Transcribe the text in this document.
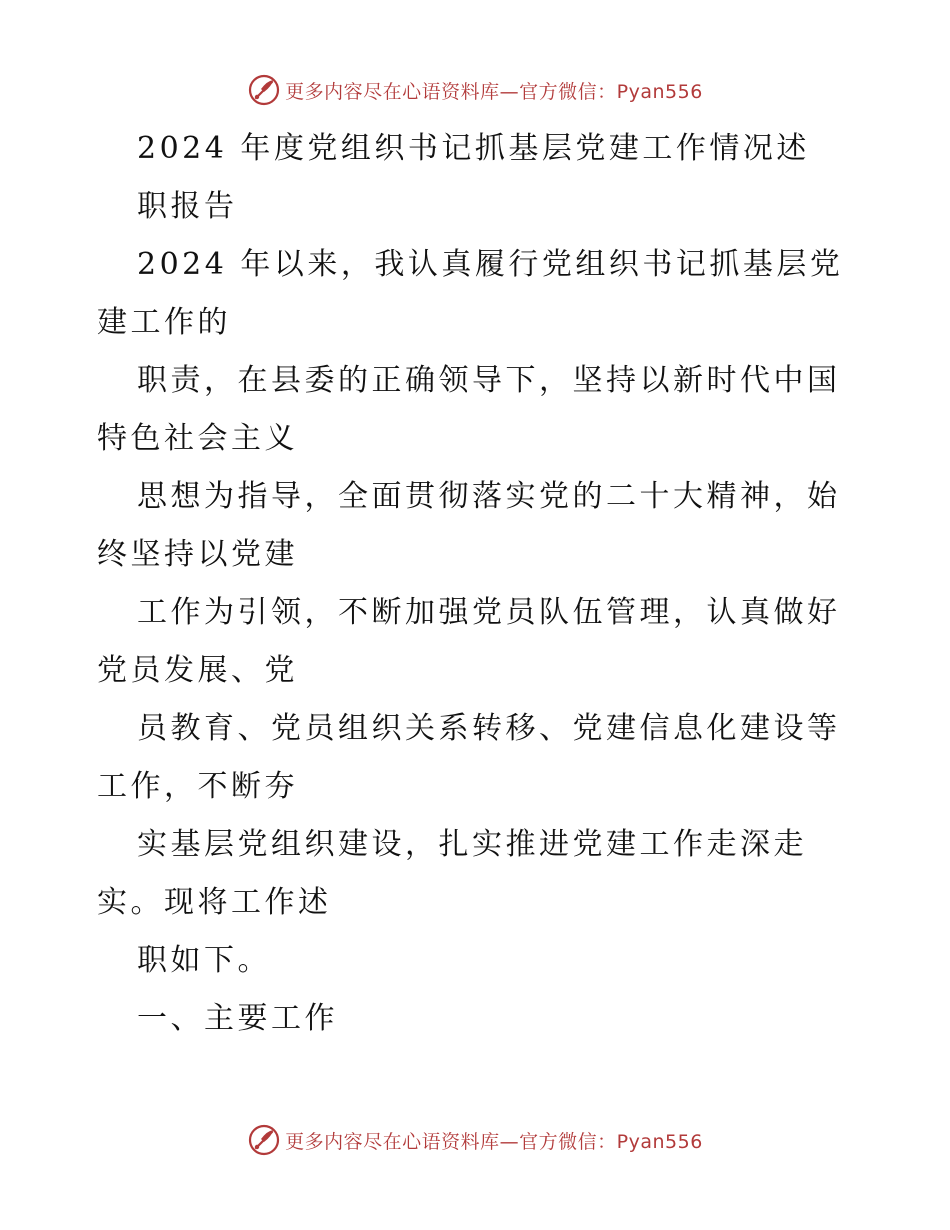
更多内容尽在心语资料库—官方微信：Pyan556
2024 年度党组织书记抓基层党建工作情况述
职报告
2024 年以来，我认真履行党组织书记抓基层党
建工作的
职责，在县委的正确领导下，坚持以新时代中国
特色社会主义
思想为指导，全面贯彻落实党的二十大精神，始
终坚持以党建
工作为引领，不断加强党员队伍管理，认真做好
党员发展、党
员教育、党员组织关系转移、党建信息化建设等
工作，不断夯
实基层党组织建设，扎实推进党建工作走深走
实。现将工作述
职如下。
一、主要工作
更多内容尽在心语资料库—官方微信：Pyan556
